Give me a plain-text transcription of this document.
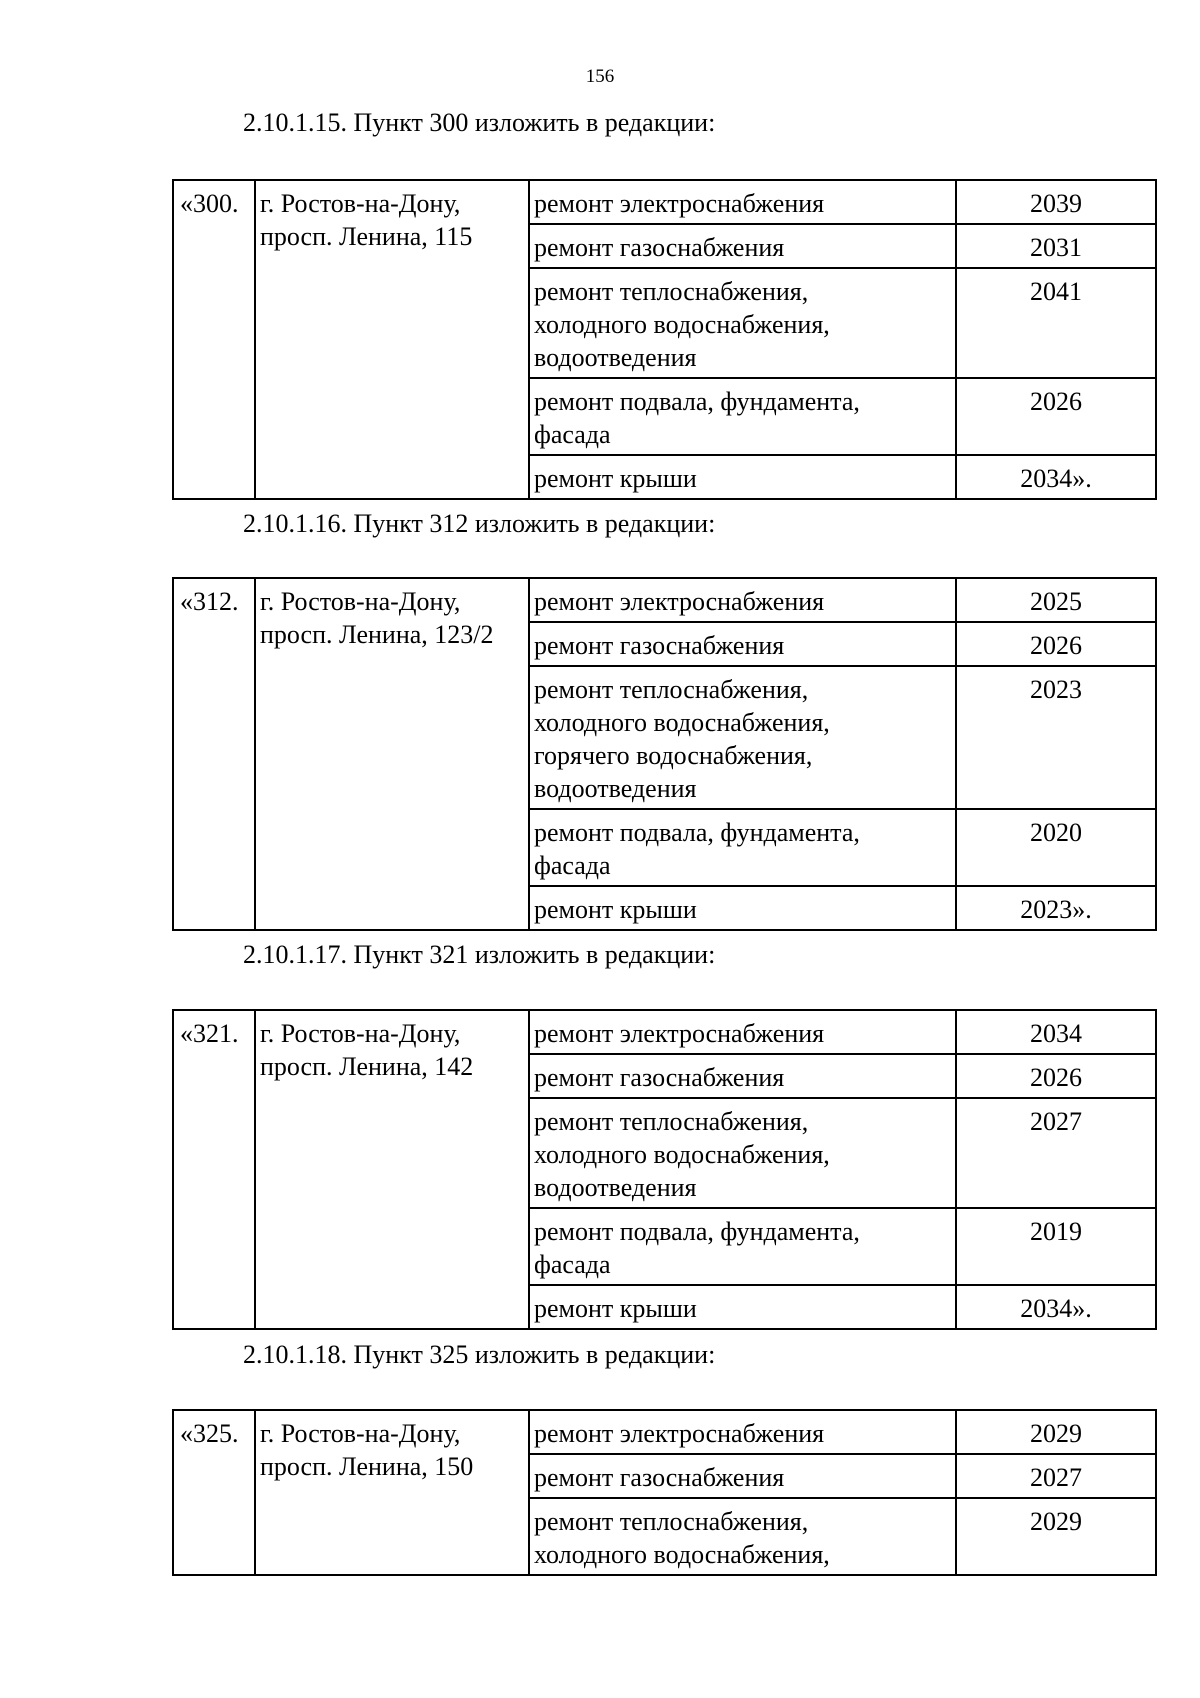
156
2.10.1.15. Пункт 300 изложить в редакции:
«300.	г. Ростов-на-Дону,
просп. Ленина, 115	ремонт электроснабжения	2039

		ремонт газоснабжения	2031

		ремонт теплоснабжения,
холодного водоснабжения,
водоотведения	2041

		ремонт подвала, фундамента,
фасада	2026

		ремонт крыши	2034».
2.10.1.16. Пункт 312 изложить в редакции:
«312.	г. Ростов-на-Дону,
просп. Ленина, 123/2	ремонт электроснабжения	2025

		ремонт газоснабжения	2026

		ремонт теплоснабжения,
холодного водоснабжения,
горячего водоснабжения,
водоотведения	2023

		ремонт подвала, фундамента,
фасада	2020

		ремонт крыши	2023».
2.10.1.17. Пункт 321 изложить в редакции:
«321.	г. Ростов-на-Дону,
просп. Ленина, 142	ремонт электроснабжения	2034

		ремонт газоснабжения	2026

		ремонт теплоснабжения,
холодного водоснабжения,
водоотведения	2027

		ремонт подвала, фундамента,
фасада	2019

		ремонт крыши	2034».
2.10.1.18. Пункт 325 изложить в редакции:
«325.	г. Ростов-на-Дону,
просп. Ленина, 150	ремонт электроснабжения	2029

		ремонт газоснабжения	2027

		ремонт теплоснабжения,
холодного водоснабжения,	2029
